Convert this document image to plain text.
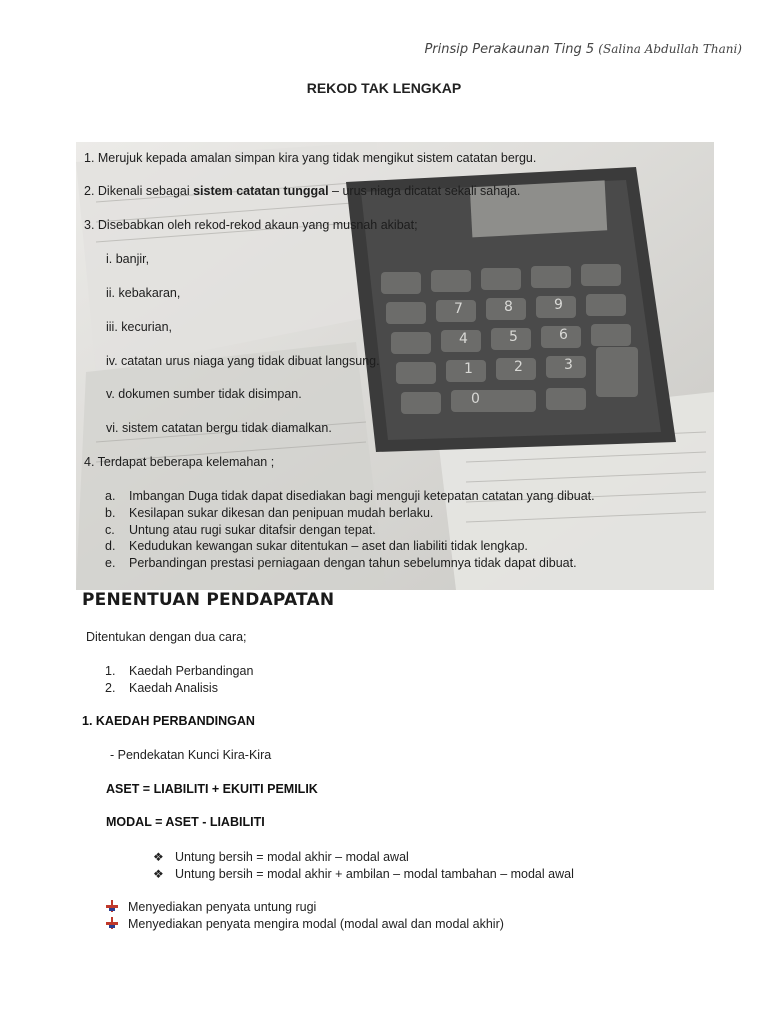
Prinsip Perakaunan Ting 5 (Salina Abdullah Thani)
REKOD TAK LENGKAP
7	8	9
4	5	6
1	2	3
0
1. Merujuk kepada amalan simpan kira yang tidak mengikut sistem catatan bergu.
2. Dikenali sebagai sistem catatan tunggal – urus niaga dicatat sekali sahaja.
3. Disebabkan oleh rekod-rekod akaun yang musnah akibat;
i. banjir,
ii. kebakaran,
iii. kecurian,
iv. catatan urus niaga yang tidak dibuat langsung.
v. dokumen sumber tidak disimpan.
vi. sistem catatan bergu tidak diamalkan.
4. Terdapat beberapa kelemahan ;
a. Imbangan Duga tidak dapat disediakan bagi menguji ketepatan catatan yang dibuat.
b. Kesilapan sukar dikesan dan penipuan mudah berlaku.
c. Untung atau rugi sukar ditafsir dengan tepat.
d. Kedudukan kewangan sukar ditentukan – aset dan liabiliti tidak lengkap.
e. Perbandingan prestasi perniagaan dengan tahun sebelumnya tidak dapat dibuat.
PENENTUAN PENDAPATAN
Ditentukan dengan dua cara;
1. Kaedah Perbandingan
2. Kaedah Analisis
1. KAEDAH PERBANDINGAN
- Pendekatan Kunci Kira-Kira
ASET = LIABILITI + EKUITI PEMILIK
MODAL = ASET - LIABILITI
❖ Untung bersih = modal akhir – modal awal
❖ Untung bersih = modal akhir + ambilan – modal tambahan – modal awal
Menyediakan penyata untung rugi
Menyediakan penyata mengira modal (modal awal dan modal akhir)
